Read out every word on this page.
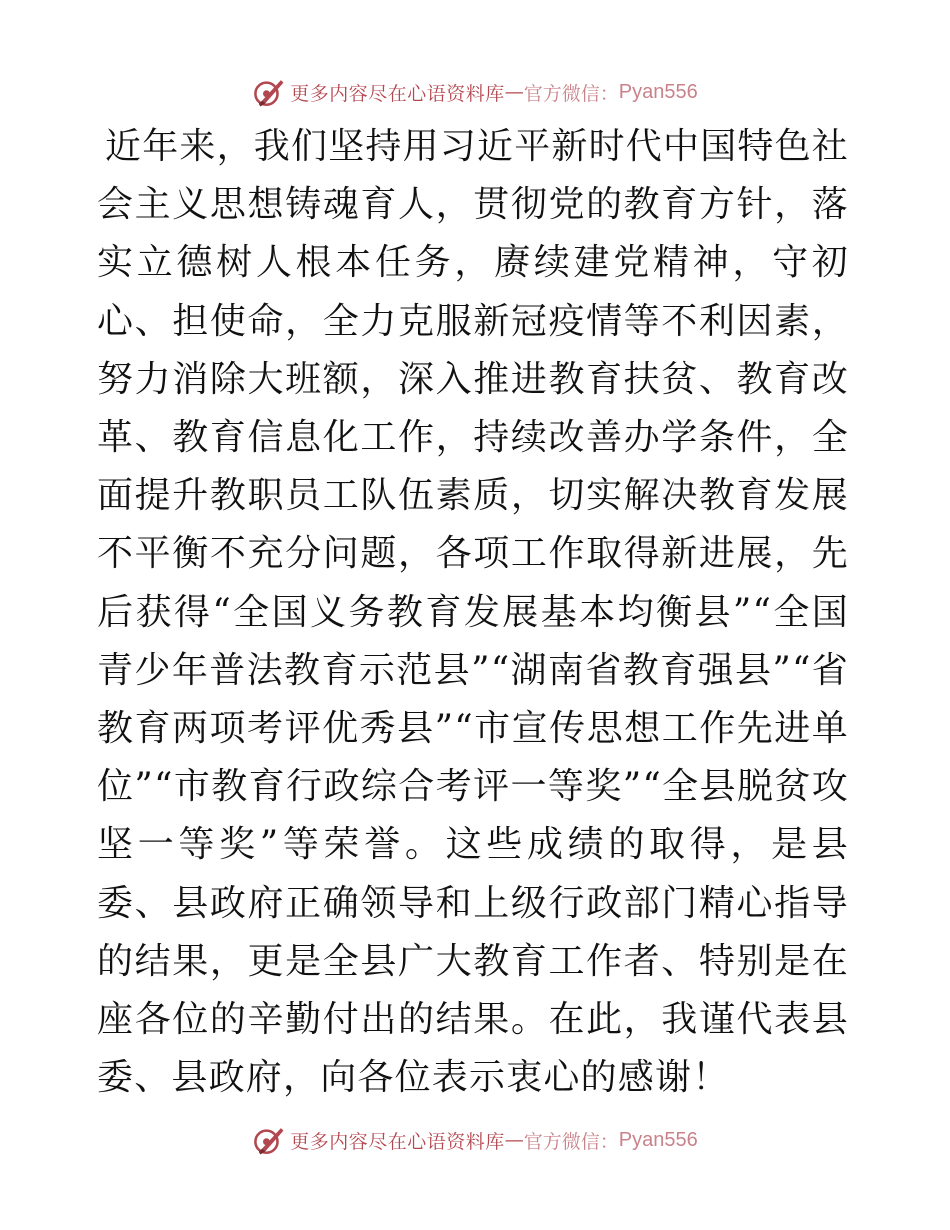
更多内容尽在心语资料库 — 官方微信： Pyan556

近年来，我们坚持用习近平新时代中国特色社会主义思想铸魂育人，贯彻党的教育方针，落实立德树人根本任务，赓续建党精神，守初心、担使命，全力克服新冠疫情等不利因素，努力消除大班额，深入推进教育扶贫、教育改革、教育信息化工作，持续改善办学条件，全面提升教职员工队伍素质，切实解决教育发展不平衡不充分问题，各项工作取得新进展，先后获得“全国义务教育发展基本均衡县”“全国青少年普法教育示范县”“湖南省教育强县”“省教育两项考评优秀县”“市宣传思想工作先进单位”“市教育行政综合考评一等奖”“全县脱贫攻坚一等奖”等荣誉。这些成绩的取得，是县委、县政府正确领导和上级行政部门精心指导的结果，更是全县广大教育工作者、特别是在座各位的辛勤付出的结果。在此，我谨代表县委、县政府，向各位表示衷心的感谢！

更多内容尽在心语资料库 — 官方微信： Pyan556
